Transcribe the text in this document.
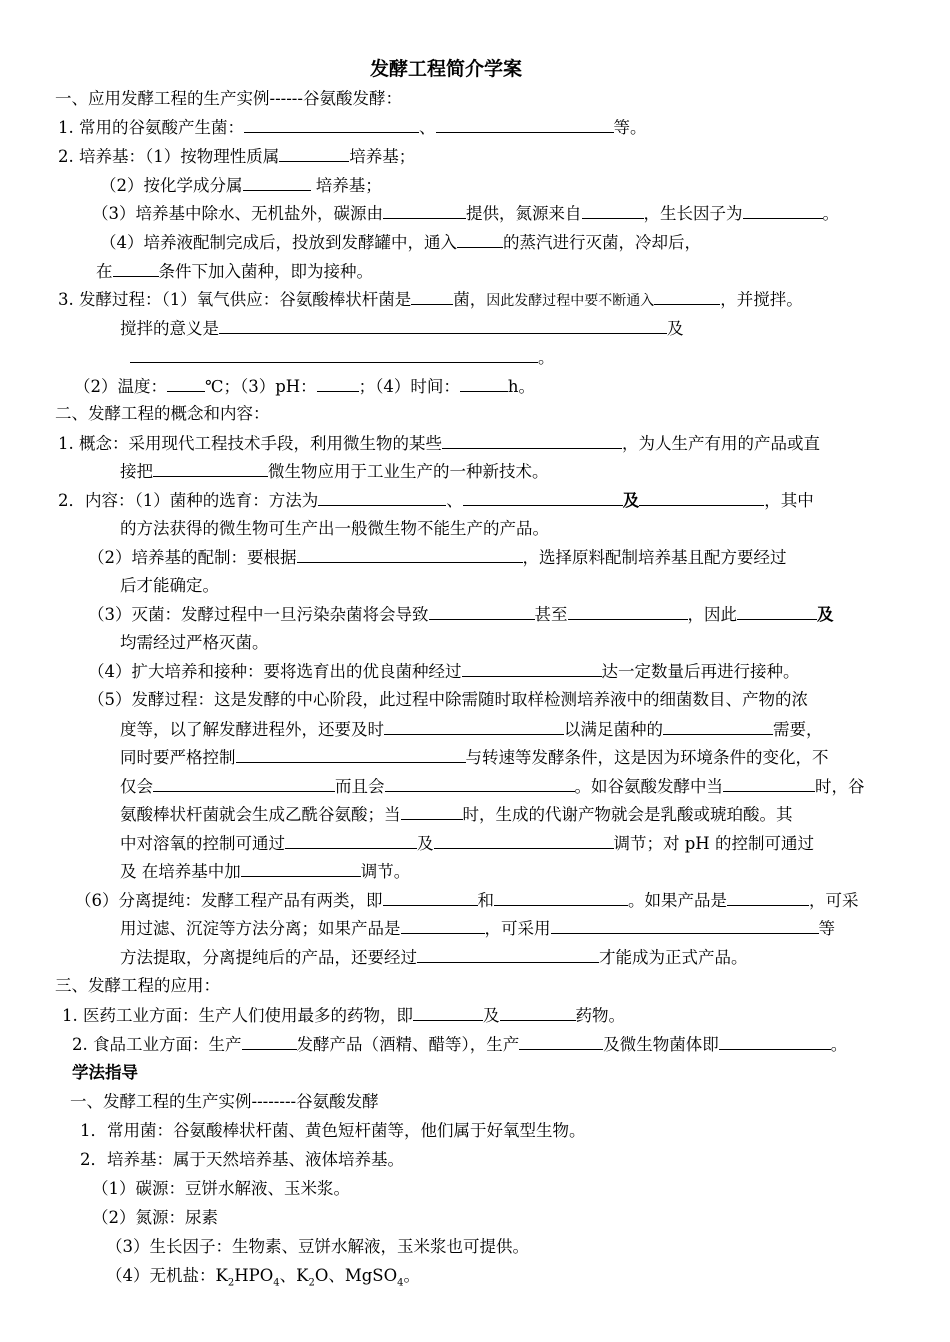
发酵工程简介学案
一、应用发酵工程的生产实例------谷氨酸发酵：
1. 常用的谷氨酸产生菌：	、	等。
2. 培养基：（1）按物理性质属	培养基；
（2）按化学成分属	培养基；
（3）培养基中除水、无机盐外，碳源由	提供，氮源来自	，生长因子为	。
（4）培养液配制完成后，投放到发酵罐中，通入	的蒸汽进行灭菌，冷却后，
在	条件下加入菌种，即为接种。
3. 发酵过程：（1）氧气供应：谷氨酸棒状杆菌是	菌，因此发酵过程中要不断通入	，并搅拌。
搅拌的意义是	及
。
（2）温度： ℃；（3）pH：	；（4）时间：	h。
二、发酵工程的概念和内容：
1. 概念：采用现代工程技术手段，利用微生物的某些	，为人生产有用的产品或直
接把	微生物应用于工业生产的一种新技术。
2．内容：（1）菌种的选育：方法为	、	及	，其中
的方法获得的微生物可生产出一般微生物不能生产的产品。
（2）培养基的配制：要根据	，选择原料配制培养基且配方要经过
后才能确定。
（3）灭菌：发酵过程中一旦污染杂菌将会导致	甚至	，因此	及
均需经过严格灭菌。
（4）扩大培养和接种：要将选育出的优良菌种经过	达一定数量后再进行接种。
（5）发酵过程：这是发酵的中心阶段，此过程中除需随时取样检测培养液中的细菌数目、产物的浓
度等，以了解发酵进程外，还要及时	以满足菌种的	需要，
同时要严格控制	与转速等发酵条件，这是因为环境条件的变化，不
仅会	而且会	。如谷氨酸发酵中当	时，谷
氨酸棒状杆菌就会生成乙酰谷氨酸；当	时，生成的代谢产物就会是乳酸或琥珀酸。其
中对溶氧的控制可通过	及	调节；对 pH 的控制可通过
及 在培养基中加	调节。
（6）分离提纯：发酵工程产品有两类，即	和	。如果产品是	，可采
用过滤、沉淀等方法分离；如果产品是	，可采用	等
方法提取，分离提纯后的产品，还要经过	才能成为正式产品。
三、发酵工程的应用：
1. 医药工业方面：生产人们使用最多的药物，即	及	药物。
2. 食品工业方面：生产	发酵产品（酒精、醋等），生产	及微生物菌体即	。
学法指导
一、发酵工程的生产实例--------谷氨酸发酵
1．常用菌：谷氨酸棒状杆菌、黄色短杆菌等，他们属于好氧型生物。
2．培养基：属于天然培养基、液体培养基。
（1）碳源：豆饼水解液、玉米浆。
（2）氮源：尿素
（3）生长因子：生物素、豆饼水解液，玉米浆也可提供。
（4）无机盐：$K_2HPO_4$、$K_2O$、MgSO$_4$。
